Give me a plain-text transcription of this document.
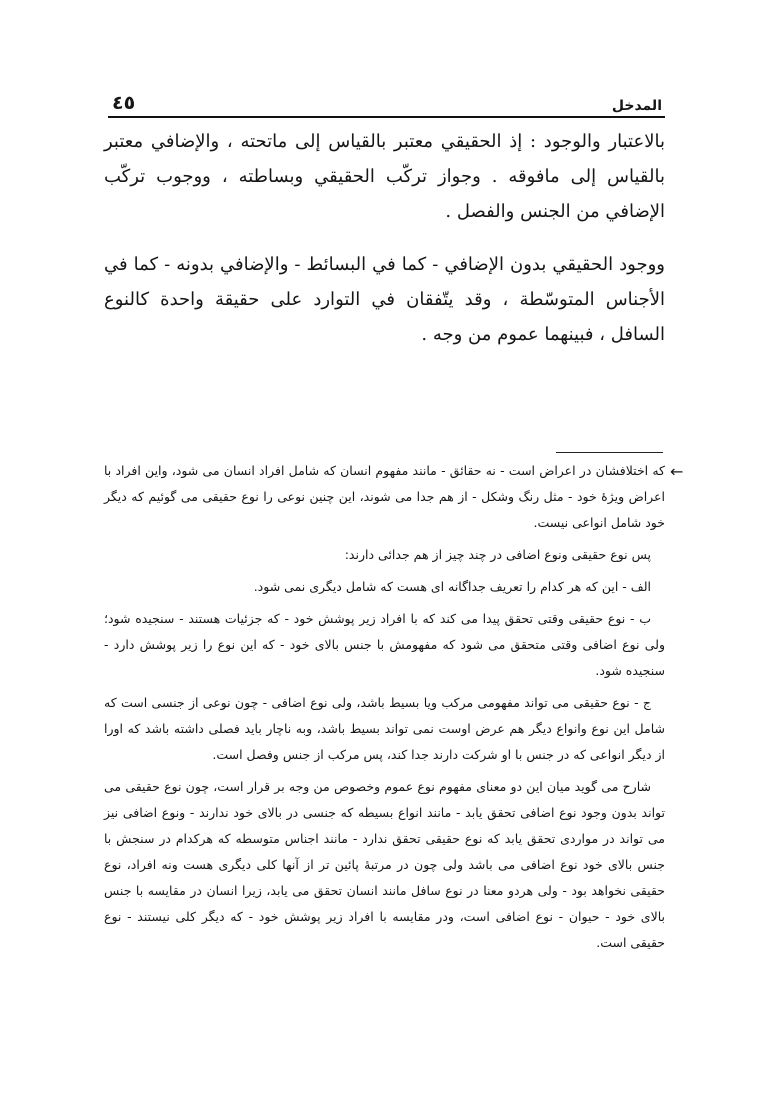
٤٥	المدخل

بالاعتبار والوجود : إذ الحقيقي معتبر بالقياس إلى ماتحته ، والإضافي معتبر بالقياس إلى مافوقه . وجواز تركّب الحقيقي وبساطته ، ووجوب تركّب الإضافي من الجنس والفصل .

ووجود الحقيقي بدون الإضافي - كما في البسائط - والإضافي بدونه - كما في الأجناس المتوسّطة ، وقد يتّفقان في التوارد على حقيقة واحدة كالنوع السافل ، فبينهما عموم من وجه .

←

كه اختلافشان در اعراض است - نه حقائق - مانند مفهوم انسان كه شامل افراد انسان مى شود، واين افراد با اعراض ويژهٔ خود - مثل رنگ وشكل - از هم جدا مى شوند، اين چنين نوعى را نوع حقيقى مى گوئيم كه ديگر خود شامل انواعى نيست.

پس نوع حقيقى ونوع اضافى در چند چيز از هم جدائى دارند:

الف - اين كه هر كدام را تعريف جداگانه اى هست كه شامل ديگرى نمى شود.

ب - نوع حقيقى وقتى تحقق پيدا مى كند كه با افراد زير پوشش خود - كه جزئيات هستند - سنجيده شود؛ ولى نوع اضافى وقتى متحقق مى شود كه مفهومش با جنس بالاى خود - كه اين نوع را زير پوشش دارد - سنجيده شود.

ج - نوع حقيقى مى تواند مفهومى مركب ويا بسيط باشد، ولى نوع اضافى - چون نوعى از جنسى است كه شامل اين نوع وانواع ديگر هم عرض اوست نمى تواند بسيط باشد، وبه ناچار بايد فصلى داشته باشد كه اورا از ديگر انواعى كه در جنس با او شركت دارند جدا كند، پس مركب از جنس وفصل است.

شارح مى گويد ميان اين دو معناى مفهوم نوع عموم وخصوص من وجه بر قرار است، چون نوع حقيقى مى تواند بدون وجود نوع اضافى تحقق يابد - مانند انواع بسيطه كه جنسى در بالاى خود ندارند - ونوع اضافى نيز مى تواند در مواردى تحقق يابد كه نوع حقيقى تحقق ندارد - مانند اجناس متوسطه كه هركدام در سنجش با جنس بالاى خود نوع اضافى مى باشد ولى چون در مرتبهٔ پائين تر از آنها كلى ديگرى هست ونه افراد، نوع حقيقى نخواهد بود - ولى هردو معنا در نوع سافل مانند انسان تحقق مى يابد، زيرا انسان در مقايسه با جنس بالاى خود - حيوان - نوع اضافى است، ودر مقايسه با افراد زير پوشش خود - كه ديگر كلى نيستند - نوع حقيقى است.
